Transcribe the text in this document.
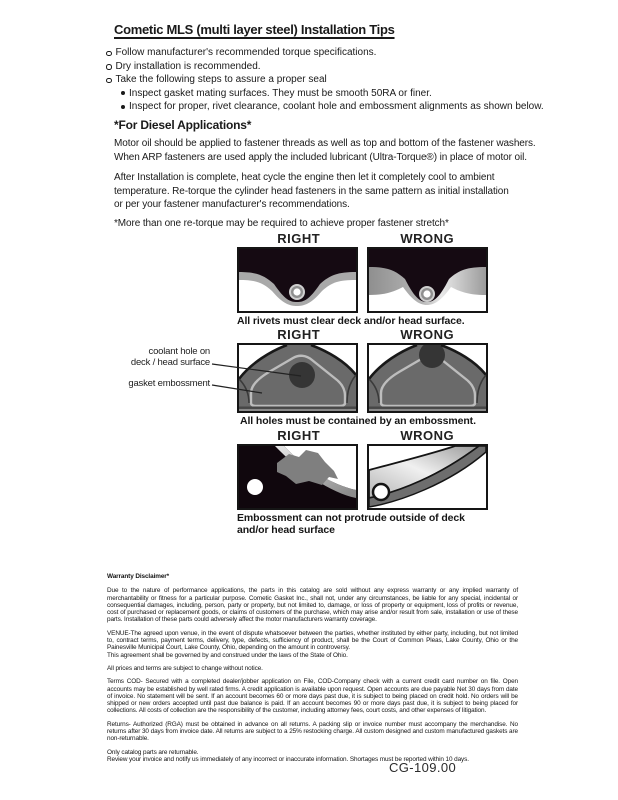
Cometic MLS (multi layer steel) Installation Tips
Follow manufacturer's recommended torque specifications.
Dry installation is recommended.
Take the following steps to assure a proper seal
Inspect gasket mating surfaces. They must be smooth 50RA or finer.
Inspect for proper, rivet clearance, coolant hole and embossment alignments as shown below.
*For Diesel Applications*
Motor oil should be applied to fastener threads as well as top and bottom of the fastener washers.
When ARP fasteners are used apply the included lubricant (Ultra-Torque®) in place of motor oil.
After Installation is complete, heat cycle the engine then let it completely cool to ambient
temperature. Re-torque the cylinder head fasteners in the same pattern as initial installation
or per your fastener manufacturer's recommendations.
*More than one re-torque may be required to achieve proper fastener stretch*
RIGHT	WRONG
All rivets must clear deck and/or head surface.
RIGHT	WRONG
All holes must be contained by an embossment.
coolant hole on
deck / head surface
gasket embossment
RIGHT	WRONG
Embossment can not protrude outside of deck
and/or head surface
Warranty Disclaimer*

Due to the nature of performance applications, the parts in this catalog are sold without any express warranty or any implied warranty of merchantability or fitness for a particular purpose. Cometic Gasket Inc., shall not, under any circumstances, be liable for any special, incidental or consequential damages, including, person, party or property, but not limited to, damage, or loss of property or equipment, loss of profits or revenue, cost of purchased or replacement goods, or claims of customers of the purchase, which may arise and/or result from sale, installation or use of these parts. Installation of these parts could adversely affect the motor manufacturers warranty coverage.

VENUE-The agreed upon venue, in the event of dispute whatsoever between the parties, whether instituted by either party, including, but not limited to, contract terms, payment terms, delivery, type, defects, sufficiency of product, shall be the Court of Common Pleas, Lake County, Ohio or the Painesville Municipal Court, Lake County, Ohio, depending on the amount in controversy.
This agreement shall be governed by and construed under the laws of the State of Ohio.

All prices and terms are subject to change without notice.

Terms COD- Secured with a completed dealer/jobber application on File, COD-Company check with a current credit card number on file. Open accounts may be established by well rated firms. A credit application is available upon request. Open accounts are due payable Net 30 days from date of invoice. No statement will be sent. If an account becomes 60 or more days past due, it is subject to being placed on credit hold. No orders will be shipped or new orders accepted until past due balance is paid. If an account becomes 90 or more days past due, it is subject to being placed for collections. All costs of collection are the responsibility of the customer, including attorney fees, court costs, and other expenses of litigation.

Returns- Authorized (RGA) must be obtained in advance on all returns. A packing slip or invoice number must accompany the merchandise. No returns after 30 days from invoice date. All returns are subject to a 25% restocking charge. All custom designed and custom manufactured gaskets are non-returnable.

Only catalog parts are returnable.
Review your invoice and notify us immediately of any incorrect or inaccurate information. Shortages must be reported within 10 days.
CG-109.00
